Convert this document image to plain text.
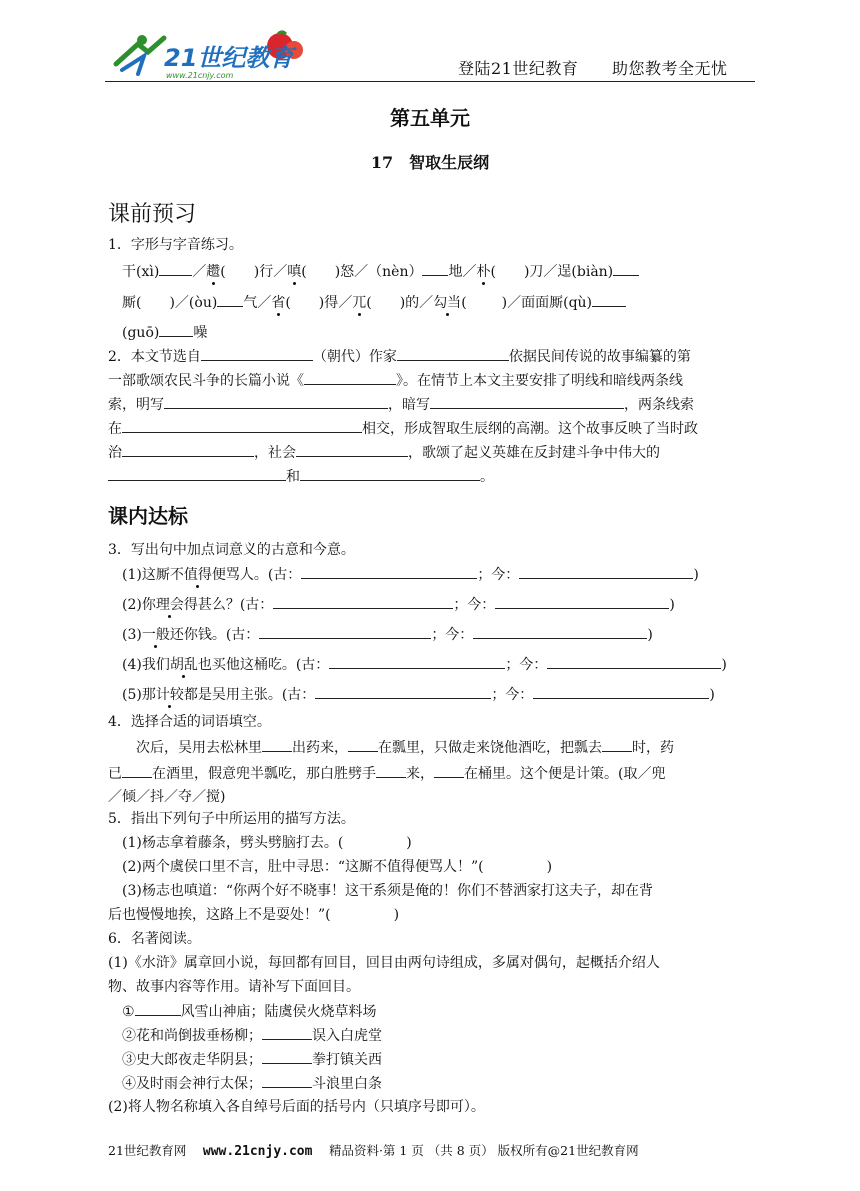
21世纪教育
www.21cnjy.com	登陆21世纪教育 助您教考全无忧
第五单元
17　智取生辰纲
课前预习
1．字形与字音练习。
干(xì) ／趱(   )行／嗔(   )怒／（nèn） 地／朴(   )刀／逞(biàn)
厮(   )／(òu) 气／省(   )得／兀(   )的／勾当(   	)／面面厮(qù)
(guō) 噪
2．本文节选自	（朝代）作家	依据民间传说的故事编纂的第
一部歌颂农民斗争的长篇小说《	》。在情节上本文主要安排了明线和暗线两条线
索，明写	，暗写	，两条线索
在	相交，形成智取生辰纲的高潮。这个故事反映了当时政
治	，社会	，歌颂了起义英雄在反封建斗争中伟大的
和	。
课内达标
3．写出句中加点词意义的古意和今意。
(1)这厮不值得便骂人。(古：	；今：	)
(2)你理会得甚么？(古：	；今：	)
(3)一般还你钱。(古：	；今：	)
(4)我们胡乱也买他这桶吃。(古：	；今：	)
(5)那计较都是吴用主张。(古：	；今：	)
4．选择合适的词语填空。
次后，吴用去松林里 出药来， 在瓢里，只做走来饶他酒吃，把瓢去 时，药
已 在酒里，假意兜半瓢吃，那白胜劈手 来， 在桶里。这个便是计策。(取／兜
／倾／抖／夺／搅)
5．指出下列句子中所运用的描写方法。
(1)杨志拿着藤条，劈头劈脑打去。(     	)
(2)两个虞侯口里不言，肚中寻思：“这厮不值得便骂人！”(     	)
(3)杨志也嗔道：“你两个好不晓事！这干系须是俺的！你们不替洒家打这夫子，却在背
后也慢慢地挨，这路上不是耍处！”(     	)
6．名著阅读。
(1)《水浒》属章回小说，每回都有回目，回目由两句诗组成，多属对偶句，起概括介绍人
物、故事内容等作用。请补写下面回目。
①	风雪山神庙；陆虞侯火烧草料场
②花和尚倒拔垂杨柳；	误入白虎堂
③史大郎夜走华阴县；	拳打镇关西
④及时雨会神行太保；	斗浪里白条
(2)将人物名称填入各自绰号后面的括号内（只填序号即可）。
21世纪教育网  www.21cnjy.com  精品资料·第 1 页 （共 8 页） 版权所有@21世纪教育网
